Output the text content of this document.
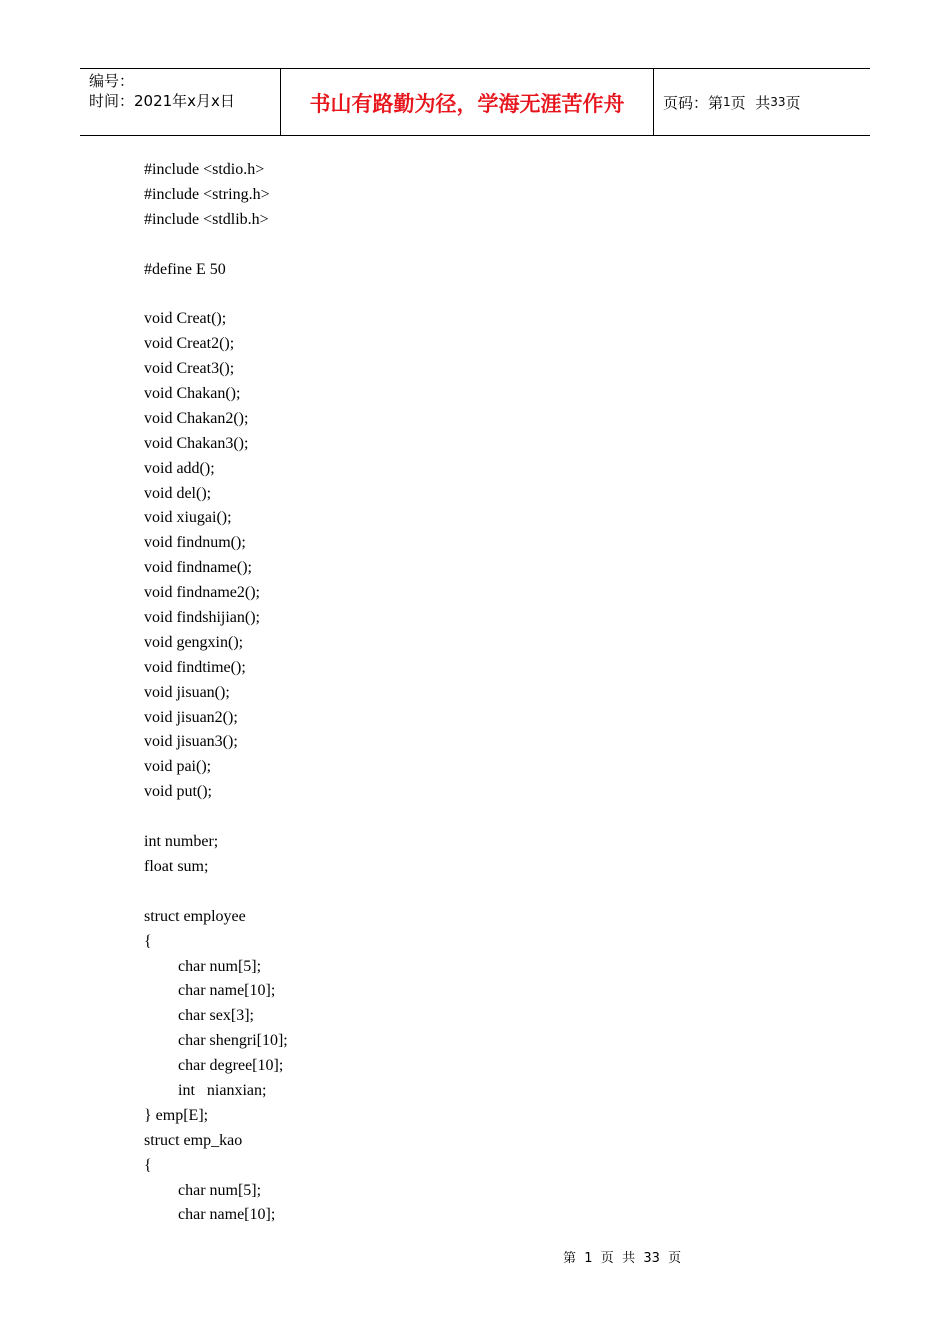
编号：
时间：2021年x月x日	书山有路勤为径，学海无涯苦作舟	页码：第 1 页  共 33 页
#include <stdio.h>
#include <string.h>
#include <stdlib.h>
#define E 50
void Creat();
void Creat2();
void Creat3();
void Chakan();
void Chakan2();
void Chakan3();
void add();
void del();
void xiugai();
void findnum();
void findname();
void findname2();
void findshijian();
void gengxin();
void findtime();
void jisuan();
void jisuan2();
void jisuan3();
void pai();
void put();
int number;
float sum;
struct employee
{
char num[5];
char name[10];
char sex[3];
char shengri[10];
char degree[10];
int   nianxian;
} emp[E];
struct emp_kao
{
char num[5];
char name[10];
第  1  页  共  33  页
